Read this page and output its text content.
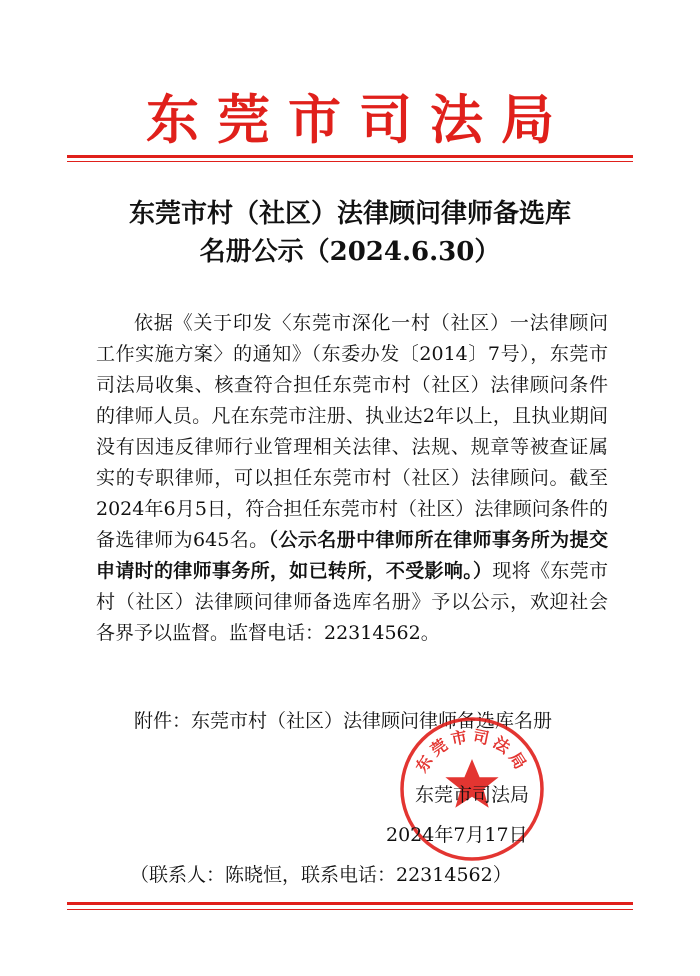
东莞市司法局
东莞市村（社区）法律顾问律师备选库
名册公示（2024.6.30）
依据《关于印发〈东莞市深化一村（社区）一法律顾问工作实施方案〉的通知》（东委办发〔2014〕7号），东莞市司法局收集、核查符合担任东莞市村（社区）法律顾问条件的律师人员。凡在东莞市注册、执业达2年以上，且执业期间没有因违反律师行业管理相关法律、法规、规章等被查证属实的专职律师，可以担任东莞市村（社区）法律顾问。截至2024年6月5日，符合担任东莞市村（社区）法律顾问条件的备选律师为645名。（公示名册中律师所在律师事务所为提交申请时的律师事务所，如已转所，不受影响。）现将《东莞市村（社区）法律顾问律师备选库名册》予以公示，欢迎社会各界予以监督。监督电话：22314562。
附件：东莞市村（社区）法律顾问律师备选库名册
东莞市司法局
东莞市司法局
2024年7月17日
（联系人：陈晓恒，联系电话：22314562）
